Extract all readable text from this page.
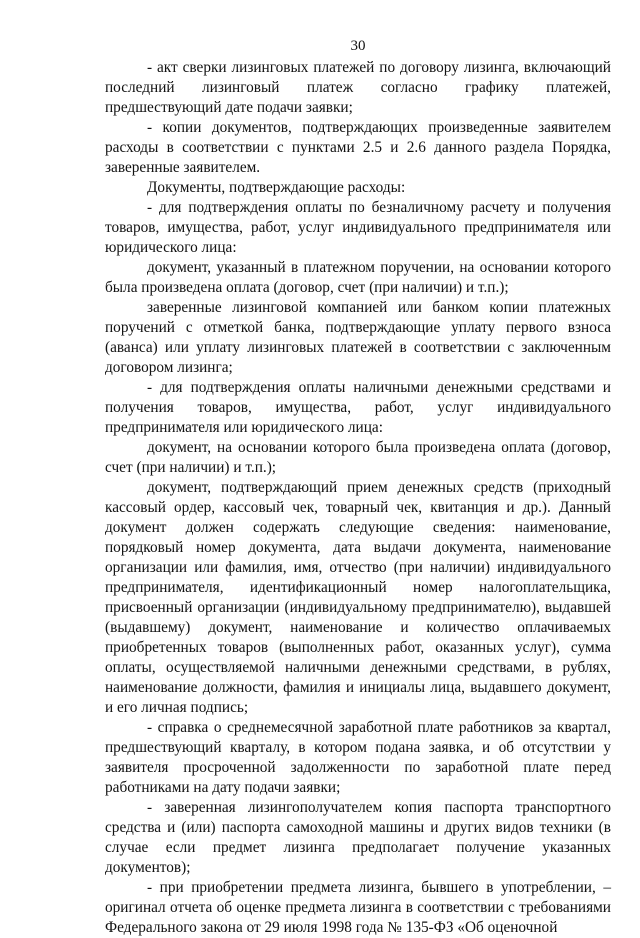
30

- акт сверки лизинговых платежей по договору лизинга, включающий последний лизинговый платеж согласно графику платежей, предшествующий дате подачи заявки;

- копии документов, подтверждающих произведенные заявителем расходы в соответствии с пунктами 2.5 и 2.6 данного раздела Порядка, заверенные заявителем.

Документы, подтверждающие расходы:

- для подтверждения оплаты по безналичному расчету и получения товаров, имущества, работ, услуг индивидуального предпринимателя или юридического лица:

документ, указанный в платежном поручении, на основании которого была произведена оплата (договор, счет (при наличии) и т.п.);

заверенные лизинговой компанией или банком копии платежных поручений с отметкой банка, подтверждающие уплату первого взноса (аванса) или уплату лизинговых платежей в соответствии с заключенным договором лизинга;

- для подтверждения оплаты наличными денежными средствами и получения товаров, имущества, работ, услуг индивидуального предпринимателя или юридического лица:

документ, на основании которого была произведена оплата (договор, счет (при наличии) и т.п.);

документ, подтверждающий прием денежных средств (приходный кассовый ордер, кассовый чек, товарный чек, квитанция и др.). Данный документ должен содержать следующие сведения: наименование, порядковый номер документа, дата выдачи документа, наименование организации или фамилия, имя, отчество (при наличии) индивидуального предпринимателя, идентификационный номер налогоплательщика, присвоенный организации (индивидуальному предпринимателю), выдавшей (выдавшему) документ, наименование и количество оплачиваемых приобретенных товаров (выполненных работ, оказанных услуг), сумма оплаты, осуществляемой наличными денежными средствами, в рублях, наименование должности, фамилия и инициалы лица, выдавшего документ, и его личная подпись;

- справка о среднемесячной заработной плате работников за квартал, предшествующий кварталу, в котором подана заявка, и об отсутствии у заявителя просроченной задолженности по заработной плате перед работниками на дату подачи заявки;

- заверенная лизингополучателем копия паспорта транспортного средства и (или) паспорта самоходной машины и других видов техники (в случае если предмет лизинга предполагает получение указанных документов);

- при приобретении предмета лизинга, бывшего в употреблении, – оригинал отчета об оценке предмета лизинга в соответствии с требованиями Федерального закона от 29 июля 1998 года № 135-ФЗ «Об оценочной
